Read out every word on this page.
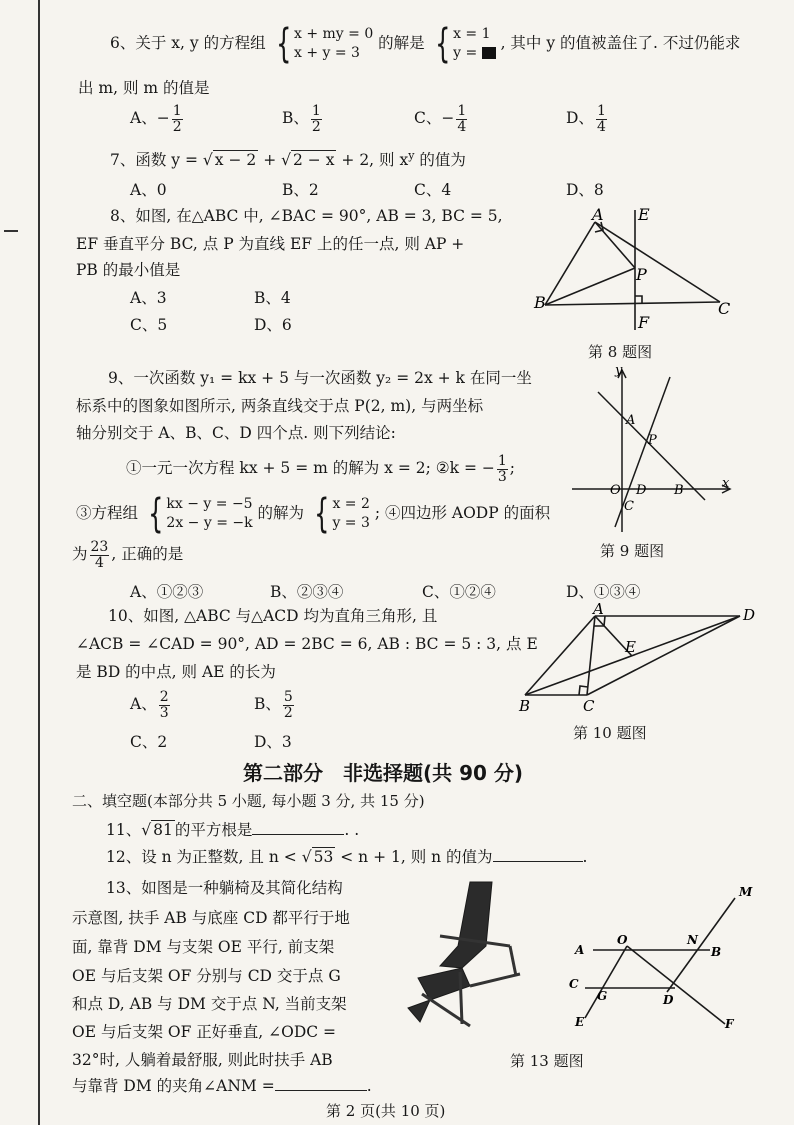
6、关于 x, y 的方程组 { x + my = 0
x + y = 3
的解是 { x = 1
y =
, 其中 y 的值被盖住了. 不过仍能求
出 m, 则 m 的值是
A、− $\frac{1}{2}$	B、 $\frac{1}{2}$	C、− $\frac{1}{4}$	D、 $\frac{1}{4}$
7、函数 y = √ x − 2 + √ 2 − x + 2, 则 $x^y$ 的值为
A、0	B、2	C、4	D、8
8、如图, 在△ABC 中, ∠BAC = 90°, AB = 3, BC = 5,
EF 垂直平分 BC, 点 P 为直线 EF 上的任一点, 则 AP +
PB 的最小值是
A、3	B、4
C、5	D、6
A E
P
B	C
F
第 8 题图
9、一次函数 y₁ = kx + 5 与一次函数 y₂ = 2x + k 在同一坐
标系中的图象如图所示, 两条直线交于点 P(2, m), 与两坐标
轴分别交于 A、B、C、D 四个点. 则下列结论:
①一元一次方程 kx + 5 = m 的解为 x = 2; ②k = − $\frac{1}{3}$ ;
③方程组 { kx − y = −5
2x − y = −k
的解为 { x = 2
y = 3
; ④四边形 AODP 的面积
为 $\frac{23}{4}$ , 正确的是
A、①②③	B、②③④	C、①②④	D、①③④
y
x
A
P
O D B
C
第 9 题图
10、如图, △ABC 与△ACD 均为直角三角形, 且
∠ACB = ∠CAD = 90°, AD = 2BC = 6, AB : BC = 5 : 3, 点 E
是 BD 的中点, 则 AE 的长为
A、 $\frac{2}{3}$	B、 $\frac{5}{2}$
C、2	D、3
A	D
E
B	C
第 10 题图
第二部分　非选择题(共 90 分)
二、填空题(本部分共 5 小题, 每小题 3 分, 共 15 分)
11、√ 81 的平方根是	. .
12、设 n 为正整数, 且 n < √ 53 < n + 1, 则 n 的值为	.
13、如图是一种躺椅及其简化结构
示意图, 扶手 AB 与底座 CD 都平行于地
面, 靠背 DM 与支架 OE 平行, 前支架
OE 与后支架 OF 分别与 CD 交于点 G
和点 D, AB 与 DM 交于点 N, 当前支架
OE 与后支架 OF 正好垂直, ∠ODC =
32°时, 人躺着最舒服, 则此时扶手 AB
与靠背 DM 的夹角∠ANM =	.
M
A
O	N
B
C
G	D
E	F
第 13 题图
第 2 页(共 10 页)
